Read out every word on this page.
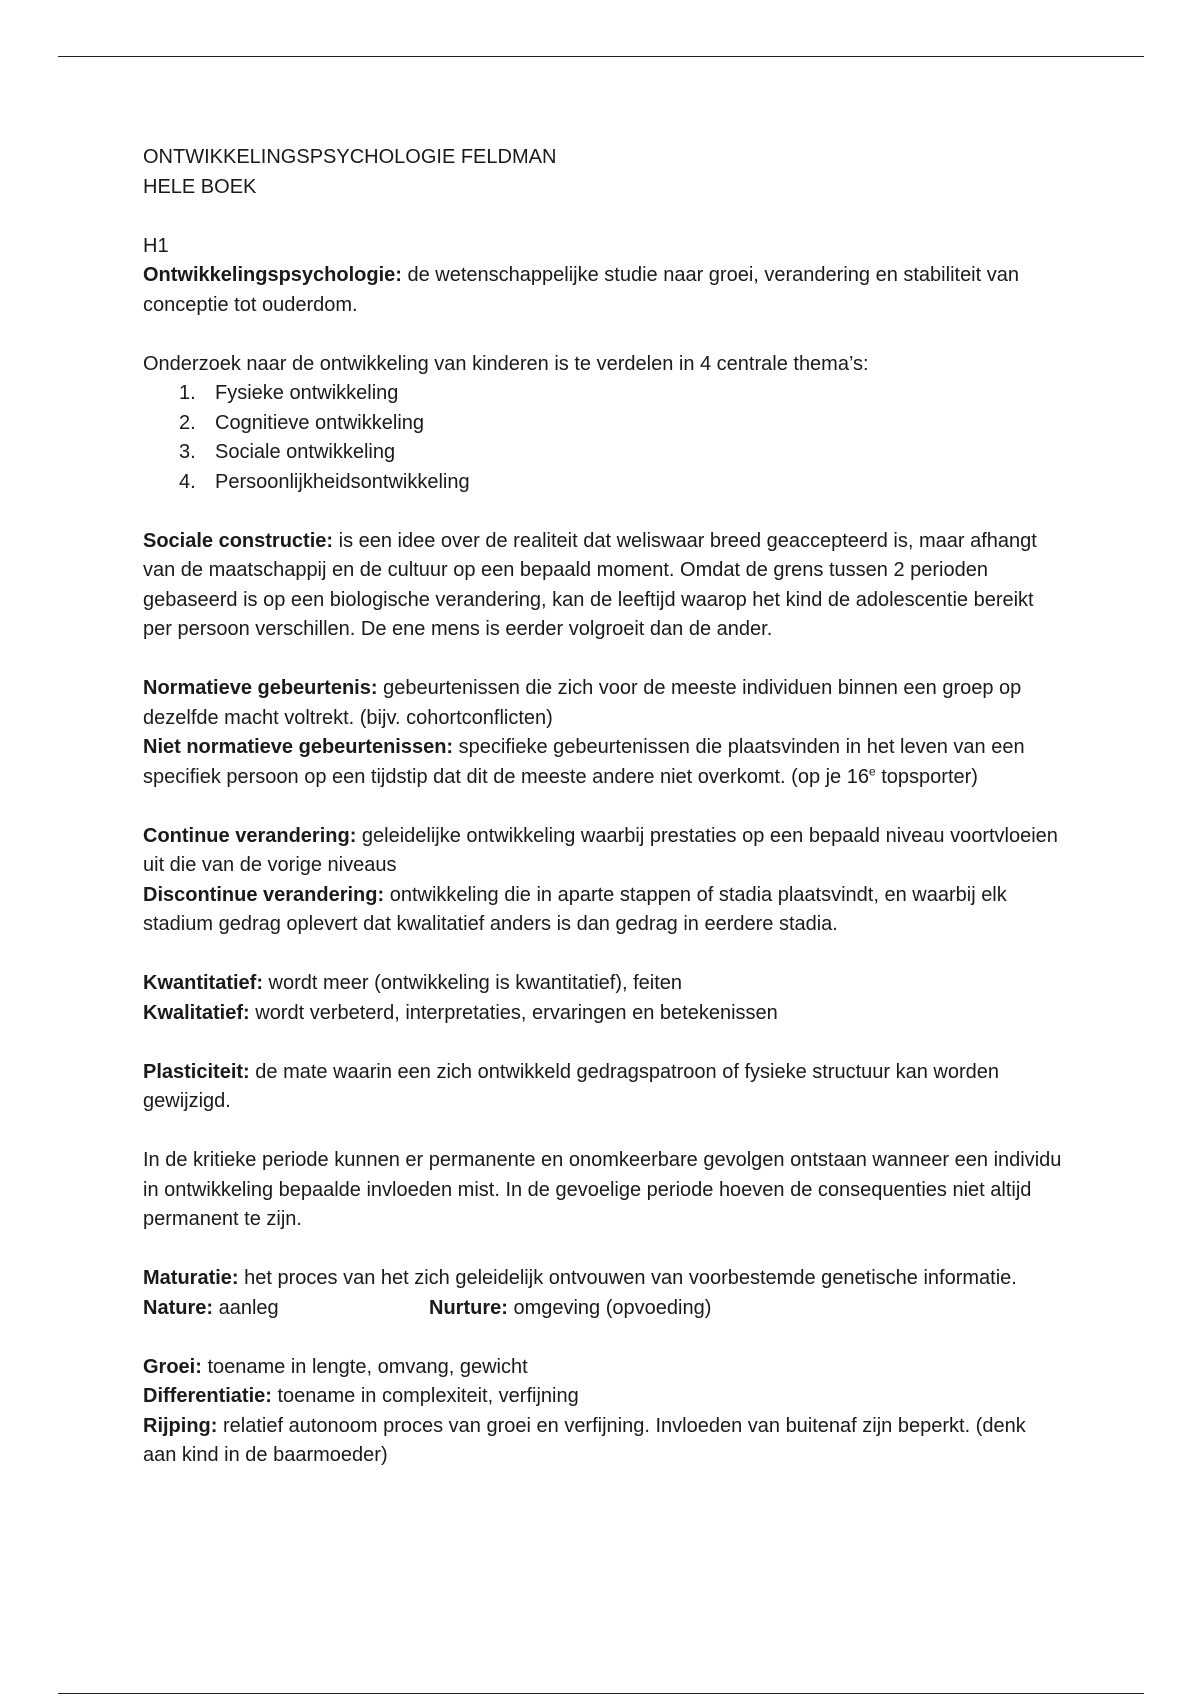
ONTWIKKELINGSPSYCHOLOGIE FELDMAN

HELE BOEK

H1

Ontwikkelingspsychologie: de wetenschappelijke studie naar groei, verandering en stabiliteit van conceptie tot ouderdom.

Onderzoek naar de ontwikkeling van kinderen is te verdelen in 4 centrale thema’s:

1. Fysieke ontwikkeling
2. Cognitieve ontwikkeling
3. Sociale ontwikkeling
4. Persoonlijkheidsontwikkeling

Sociale constructie: is een idee over de realiteit dat weliswaar breed geaccepteerd is, maar afhangt van de maatschappij en de cultuur op een bepaald moment. Omdat de grens tussen 2 perioden gebaseerd is op een biologische verandering, kan de leeftijd waarop het kind de adolescentie bereikt per persoon verschillen. De ene mens is eerder volgroeit dan de ander.

Normatieve gebeurtenis: gebeurtenissen die zich voor de meeste individuen binnen een groep op dezelfde macht voltrekt. (bijv. cohortconflicten)

Niet normatieve gebeurtenissen: specifieke gebeurtenissen die plaatsvinden in het leven van een specifiek persoon op een tijdstip dat dit de meeste andere niet overkomt. (op je 16e topsporter)

Continue verandering: geleidelijke ontwikkeling waarbij prestaties op een bepaald niveau voortvloeien uit die van de vorige niveaus

Discontinue verandering: ontwikkeling die in aparte stappen of stadia plaatsvindt, en waarbij elk stadium gedrag oplevert dat kwalitatief anders is dan gedrag in eerdere stadia.

Kwantitatief: wordt meer (ontwikkeling is kwantitatief), feiten

Kwalitatief: wordt verbeterd, interpretaties, ervaringen en betekenissen

Plasticiteit: de mate waarin een zich ontwikkeld gedragspatroon of fysieke structuur kan worden gewijzigd.

In de kritieke periode kunnen er permanente en onomkeerbare gevolgen ontstaan wanneer een individu in ontwikkeling bepaalde invloeden mist. In de gevoelige periode hoeven de consequenties niet altijd permanent te zijn.

Maturatie: het proces van het zich geleidelijk ontvouwen van voorbestemde genetische informatie.

Nature: aanleg	Nurture: omgeving (opvoeding)

Groei: toename in lengte, omvang, gewicht

Differentiatie: toename in complexiteit, verfijning

Rijping: relatief autonoom proces van groei en verfijning. Invloeden van buitenaf zijn beperkt. (denk aan kind in de baarmoeder)
